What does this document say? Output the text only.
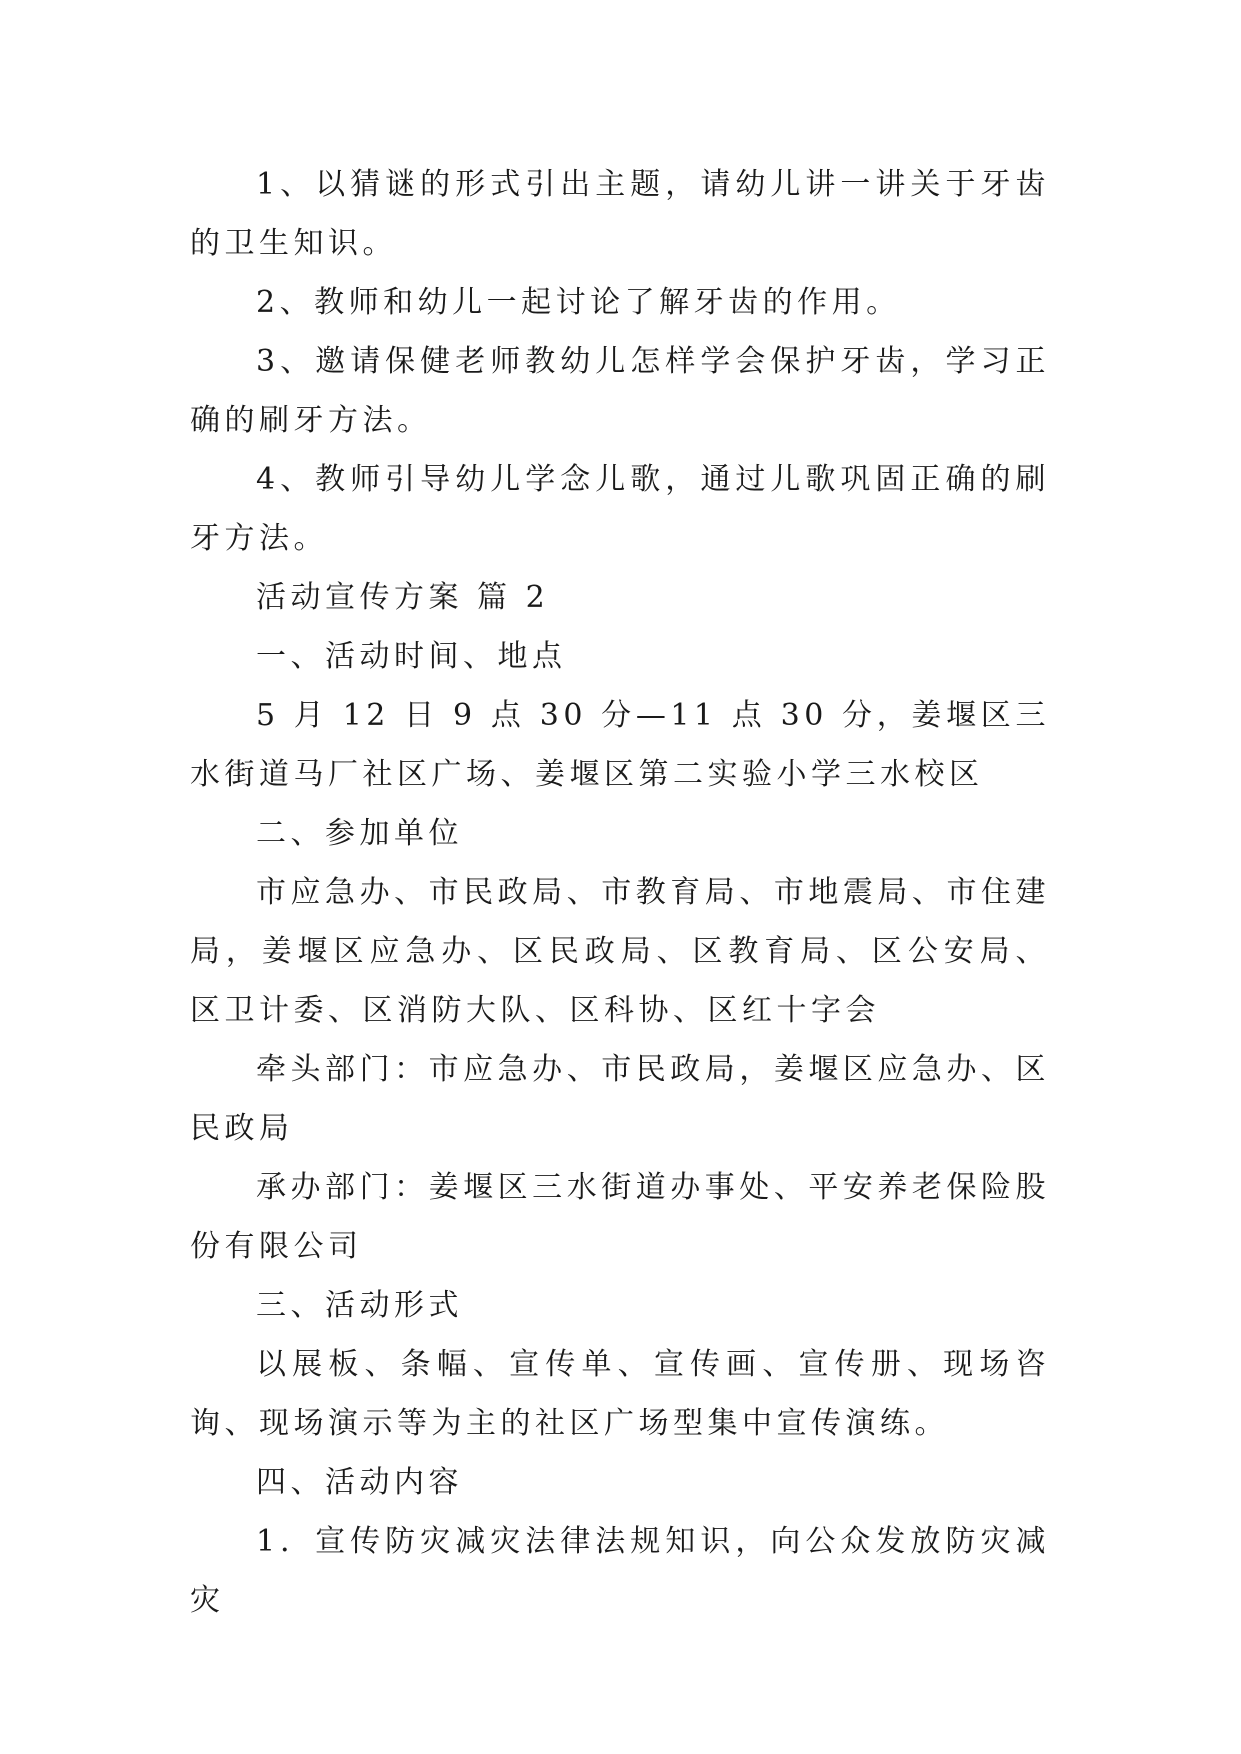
1、以猜谜的形式引出主题，请幼儿讲一讲关于牙齿的卫生知识。

2、教师和幼儿一起讨论了解牙齿的作用。

3、邀请保健老师教幼儿怎样学会保护牙齿，学习正确的刷牙方法。

4、教师引导幼儿学念儿歌，通过儿歌巩固正确的刷牙方法。

活动宣传方案 篇 2

一、活动时间、地点

5 月 12 日 9 点 30 分—11 点 30 分，姜堰区三水街道马厂社区广场、姜堰区第二实验小学三水校区

二、参加单位

市应急办、市民政局、市教育局、市地震局、市住建局，姜堰区应急办、区民政局、区教育局、区公安局、区卫计委、区消防大队、区科协、区红十字会

牵头部门：市应急办、市民政局，姜堰区应急办、区民政局

承办部门：姜堰区三水街道办事处、平安养老保险股份有限公司

三、活动形式

以展板、条幅、宣传单、宣传画、宣传册、现场咨询、现场演示等为主的社区广场型集中宣传演练。

四、活动内容

1．宣传防灾减灾法律法规知识，向公众发放防灾减灾
